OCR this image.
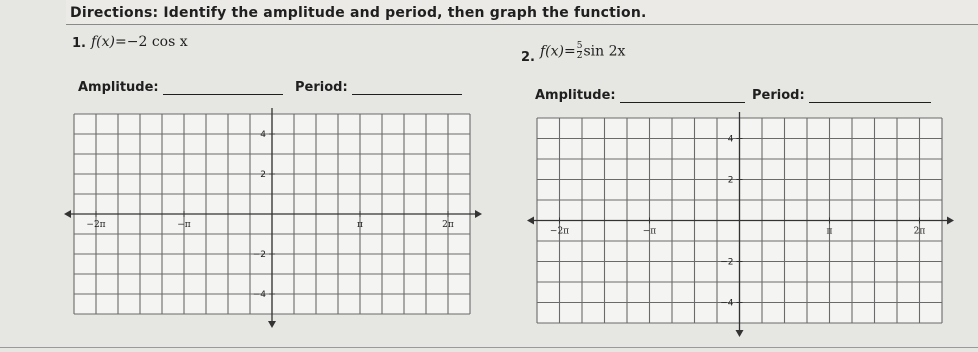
Directions: Identify the amplitude and period, then graph the function.
1. f(x)=−2 cos x
Amplitude:	Period:
−2π	−π	π	2π
4
2
−2
−4
2. $f(x)= \frac{5}{2}$ sin 2x
Amplitude:	Period:
−2π	−π	π	2π
4
2
−2
−4
